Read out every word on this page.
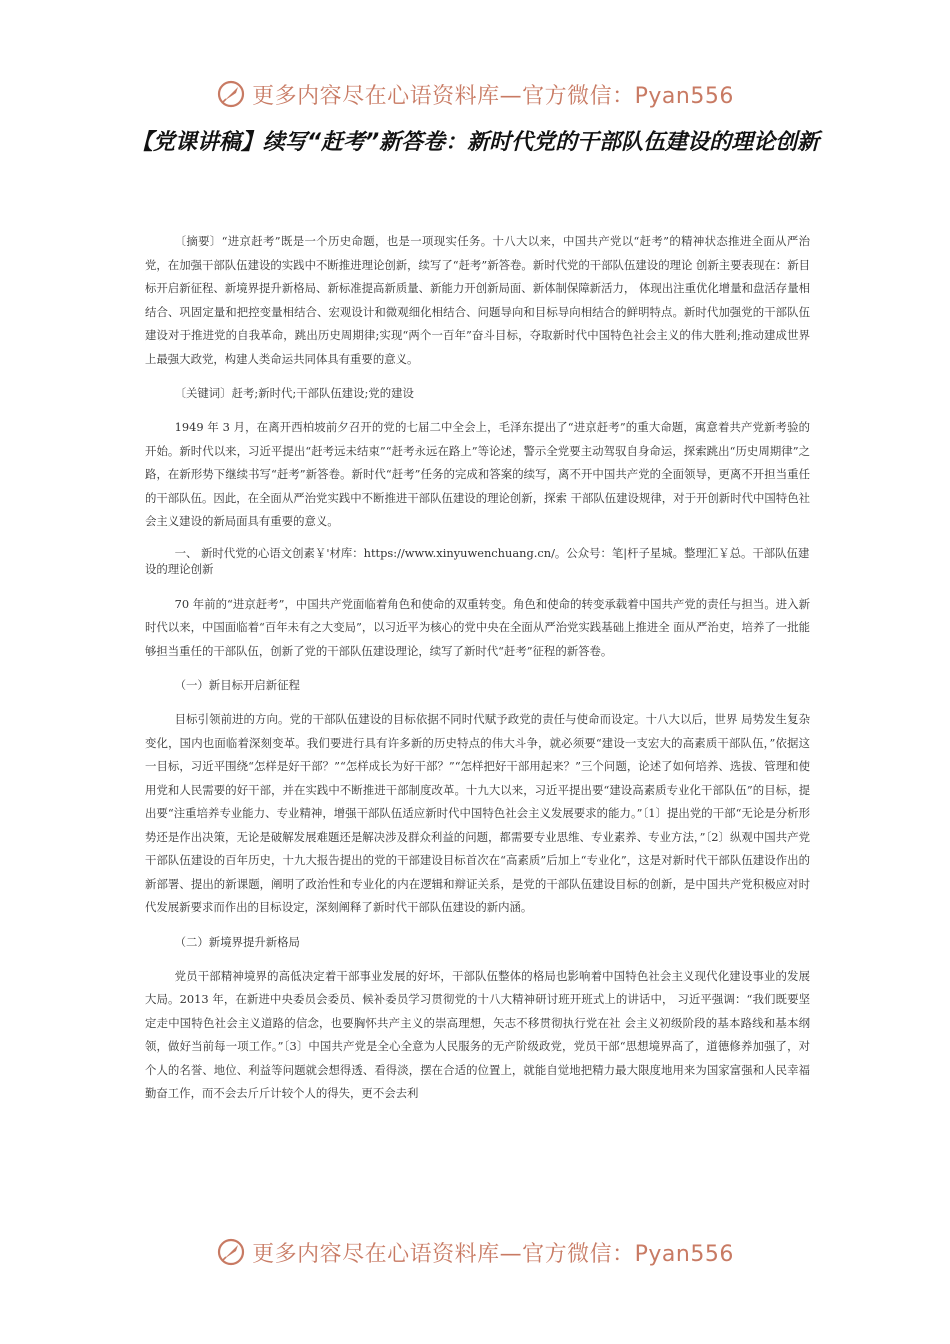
更多内容尽在心语资料库—官方微信：Pyan556
【党课讲稿】续写“赶考”新答卷：新时代党的干部队伍建设的理论创新

〔摘要〕“进京赶考”既是一个历史命题，也是一项现实任务。十八大以来，中国共产党以“赶考”的精神状态推进全面从严治党，在加强干部队伍建设的实践中不断推进理论创新，续写了“赶考”新答卷。新时代党的干部队伍建设的理论 创新主要表现在：新目标开启新征程、新境界提升新格局、新标准提高新质量、新能力开创新局面、新体制保障新活力， 体现出注重优化增量和盘活存量相结合、巩固定量和把控变量相结合、宏观设计和微观细化相结合、问题导向和目标导向相结合的鲜明特点。新时代加强党的干部队伍建设对于推进党的自我革命，跳出历史周期律;实现“两个一百年”奋斗目标，夺取新时代中国特色社会主义的伟大胜利;推动建成世界上最强大政党，构建人类命运共同体具有重要的意义。

〔关键词〕赶考;新时代;干部队伍建设;党的建设

1949 年 3 月，在离开西柏坡前夕召开的党的七届二中全会上，毛泽东提出了“进京赶考”的重大命题，寓意着共产党新考验的开始。新时代以来，习近平提出“赶考远未结束”“赶考永远在路上”等论述，警示全党要主动驾驭自身命运，探索跳出“历史周期律”之路，在新形势下继续书写“赶考”新答卷。新时代“赶考”任务的完成和答案的续写，离不开中国共产党的全面领导，更离不开担当重任的干部队伍。因此，在全面从严治党实践中不断推进干部队伍建设的理论创新，探索 干部队伍建设规律，对于开创新时代中国特色社会主义建设的新局面具有重要的意义。

一、 新时代党的心语文创素￥'材库：https://www.xinyuwenchuang.cn/。公众号：笔|杆子星城。整理汇￥总。干部队伍建设的理论创新

70 年前的“进京赶考”，中国共产党面临着角色和使命的双重转变。角色和使命的转变承载着中国共产党的责任与担当。进入新时代以来，中国面临着“百年未有之大变局”，以习近平为核心的党中央在全面从严治党实践基础上推进全 面从严治吏，培养了一批能够担当重任的干部队伍，创新了党的干部队伍建设理论，续写了新时代“赶考”征程的新答卷。

（一）新目标开启新征程

目标引领前进的方向。党的干部队伍建设的目标依据不同时代赋予政党的责任与使命而设定。十八大以后，世界 局势发生复杂变化，国内也面临着深刻变革。我们要进行具有许多新的历史特点的伟大斗争，就必须要“建设一支宏大的高素质干部队伍，”依据这一目标，习近平围绕“怎样是好干部？”“怎样成长为好干部？”“怎样把好干部用起来？”三个问题，论述了如何培养、选拔、管理和使用党和人民需要的好干部，并在实践中不断推进干部制度改革。十九大以来，习近平提出要“建设高素质专业化干部队伍”的目标，提出要“注重培养专业能力、专业精神，增强干部队伍适应新时代中国特色社会主义发展要求的能力。”〔1〕提出党的干部“无论是分析形势还是作出决策，无论是破解发展难题还是解决涉及群众利益的问题，都需要专业思维、专业素养、专业方法，”〔2〕纵观中国共产党干部队伍建设的百年历史，十九大报告提出的党的干部建设目标首次在“高素质”后加上“专业化”，这是对新时代干部队伍建设作出的新部署、提出的新课题，阐明了政治性和专业化的内在逻辑和辩证关系，是党的干部队伍建设目标的创新，是中国共产党积极应对时代发展新要求而作出的目标设定，深刻阐释了新时代干部队伍建设的新内涵。

（二）新境界提升新格局

党员干部精神境界的高低决定着干部事业发展的好坏，干部队伍整体的格局也影响着中国特色社会主义现代化建设事业的发展大局。2013 年，在新进中央委员会委员、候补委员学习贯彻党的十八大精神研讨班开班式上的讲话中， 习近平强调：“我们既要坚定走中国特色社会主义道路的信念，也要胸怀共产主义的崇高理想，矢志不移贯彻执行党在社 会主义初级阶段的基本路线和基本纲领，做好当前每一项工作。”〔3〕中国共产党是全心全意为人民服务的无产阶级政党，党员干部“思想境界高了，道德修养加强了，对个人的名誉、地位、利益等问题就会想得透、看得淡，摆在合适的位置上，就能自觉地把精力最大限度地用来为国家富强和人民幸福勤奋工作，而不会去斤斤计较个人的得失，更不会去利

更多内容尽在心语资料库—官方微信：Pyan556
